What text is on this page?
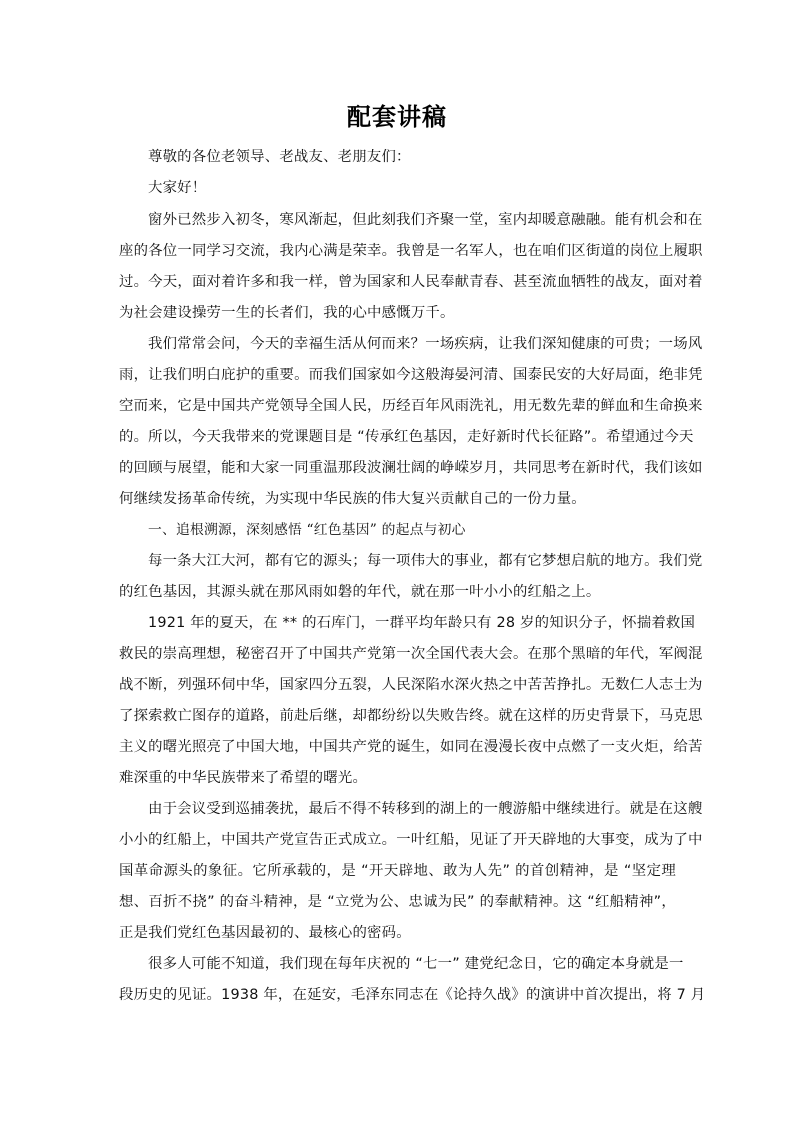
配套讲稿
尊敬的各位老领导、老战友、老朋友们：
大家好！
窗外已然步入初冬，寒风渐起，但此刻我们齐聚一堂，室内却暖意融融。能有机会和在
座的各位一同学习交流，我内心满是荣幸。我曾是一名军人，也在咱们区街道的岗位上履职
过。今天，面对着许多和我一样，曾为国家和人民奉献青春、甚至流血牺牲的战友，面对着
为社会建设操劳一生的长者们，我的心中感慨万千。
我们常常会问，今天的幸福生活从何而来？一场疾病，让我们深知健康的可贵；一场风
雨，让我们明白庇护的重要。而我们国家如今这般海晏河清、国泰民安的大好局面，绝非凭
空而来，它是中国共产党领导全国人民，历经百年风雨洗礼，用无数先辈的鲜血和生命换来
的。所以，今天我带来的党课题目是 “传承红色基因，走好新时代长征路”。希望通过今天
的回顾与展望，能和大家一同重温那段波澜壮阔的峥嵘岁月，共同思考在新时代，我们该如
何继续发扬革命传统，为实现中华民族的伟大复兴贡献自己的一份力量。
一、追根溯源，深刻感悟 “红色基因” 的起点与初心
每一条大江大河，都有它的源头；每一项伟大的事业，都有它梦想启航的地方。我们党
的红色基因，其源头就在那风雨如磐的年代，就在那一叶小小的红船之上。
1921 年的夏天，在 ** 的石库门，一群平均年龄只有 28 岁的知识分子，怀揣着救国
救民的崇高理想，秘密召开了中国共产党第一次全国代表大会。在那个黑暗的年代，军阀混
战不断，列强环伺中华，国家四分五裂，人民深陷水深火热之中苦苦挣扎。无数仁人志士为
了探索救亡图存的道路，前赴后继，却都纷纷以失败告终。就在这样的历史背景下，马克思
主义的曙光照亮了中国大地，中国共产党的诞生，如同在漫漫长夜中点燃了一支火炬，给苦
难深重的中华民族带来了希望的曙光。
由于会议受到巡捕袭扰，最后不得不转移到的湖上的一艘游船中继续进行。就是在这艘
小小的红船上，中国共产党宣告正式成立。一叶红船，见证了开天辟地的大事变，成为了中
国革命源头的象征。它所承载的，是 “开天辟地、敢为人先” 的首创精神，是 “坚定理
想、百折不挠” 的奋斗精神，是 “立党为公、忠诚为民” 的奉献精神。这 “红船精神”，
正是我们党红色基因最初的、最核心的密码。
很多人可能不知道，我们现在每年庆祝的 “七一” 建党纪念日，它的确定本身就是一
段历史的见证。1938 年，在延安，毛泽东同志在《论持久战》的演讲中首次提出，将 7 月
